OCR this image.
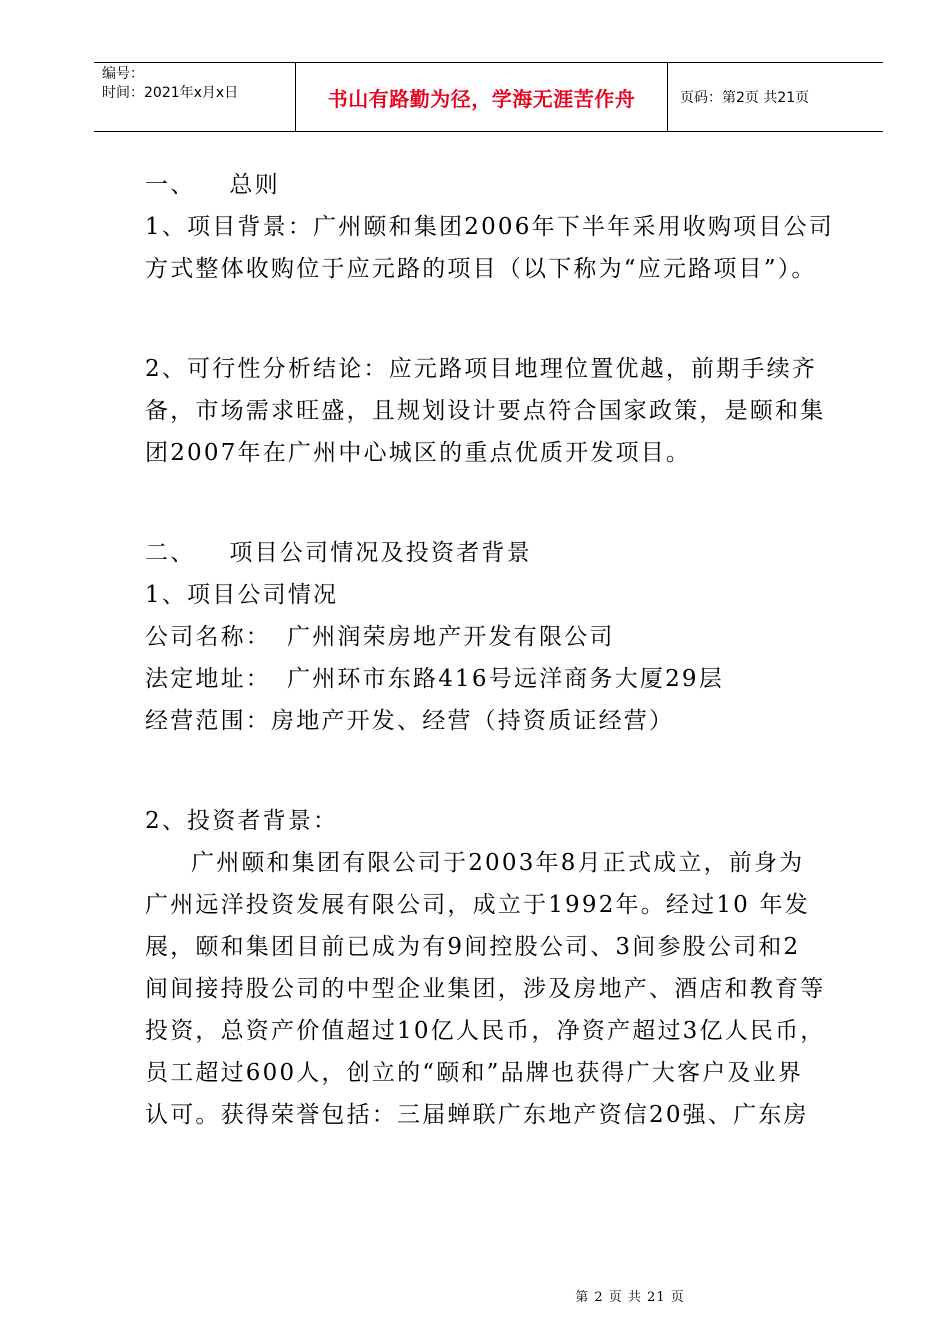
编号：
时间：2021年x月x日	书山有路勤为径，学海无涯苦作舟	页码：第2页 共21页
一、 总则
1、项目背景：广州颐和集团2006年下半年采用收购项目公司
方式整体收购位于应元路的项目（以下称为“应元路项目”）。
2、可行性分析结论：应元路项目地理位置优越，前期手续齐
备，市场需求旺盛，且规划设计要点符合国家政策，是颐和集
团2007年在广州中心城区的重点优质开发项目。
二、 项目公司情况及投资者背景
1、项目公司情况
公司名称： 广州润荣房地产开发有限公司
法定地址： 广州环市东路416号远洋商务大厦29层
经营范围：房地产开发、经营（持资质证经营）
2、投资者背景：
广州颐和集团有限公司于2003年8月正式成立，前身为
广州远洋投资发展有限公司，成立于1992年。经过10 年发
展，颐和集团目前已成为有9间控股公司、3间参股公司和2
间间接持股公司的中型企业集团，涉及房地产、酒店和教育等
投资，总资产价值超过10亿人民币，净资产超过3亿人民币，
员工超过600人，创立的“颐和”品牌也获得广大客户及业界
认可。获得荣誉包括：三届蝉联广东地产资信20强、广东房
第 2 页 共 21 页
